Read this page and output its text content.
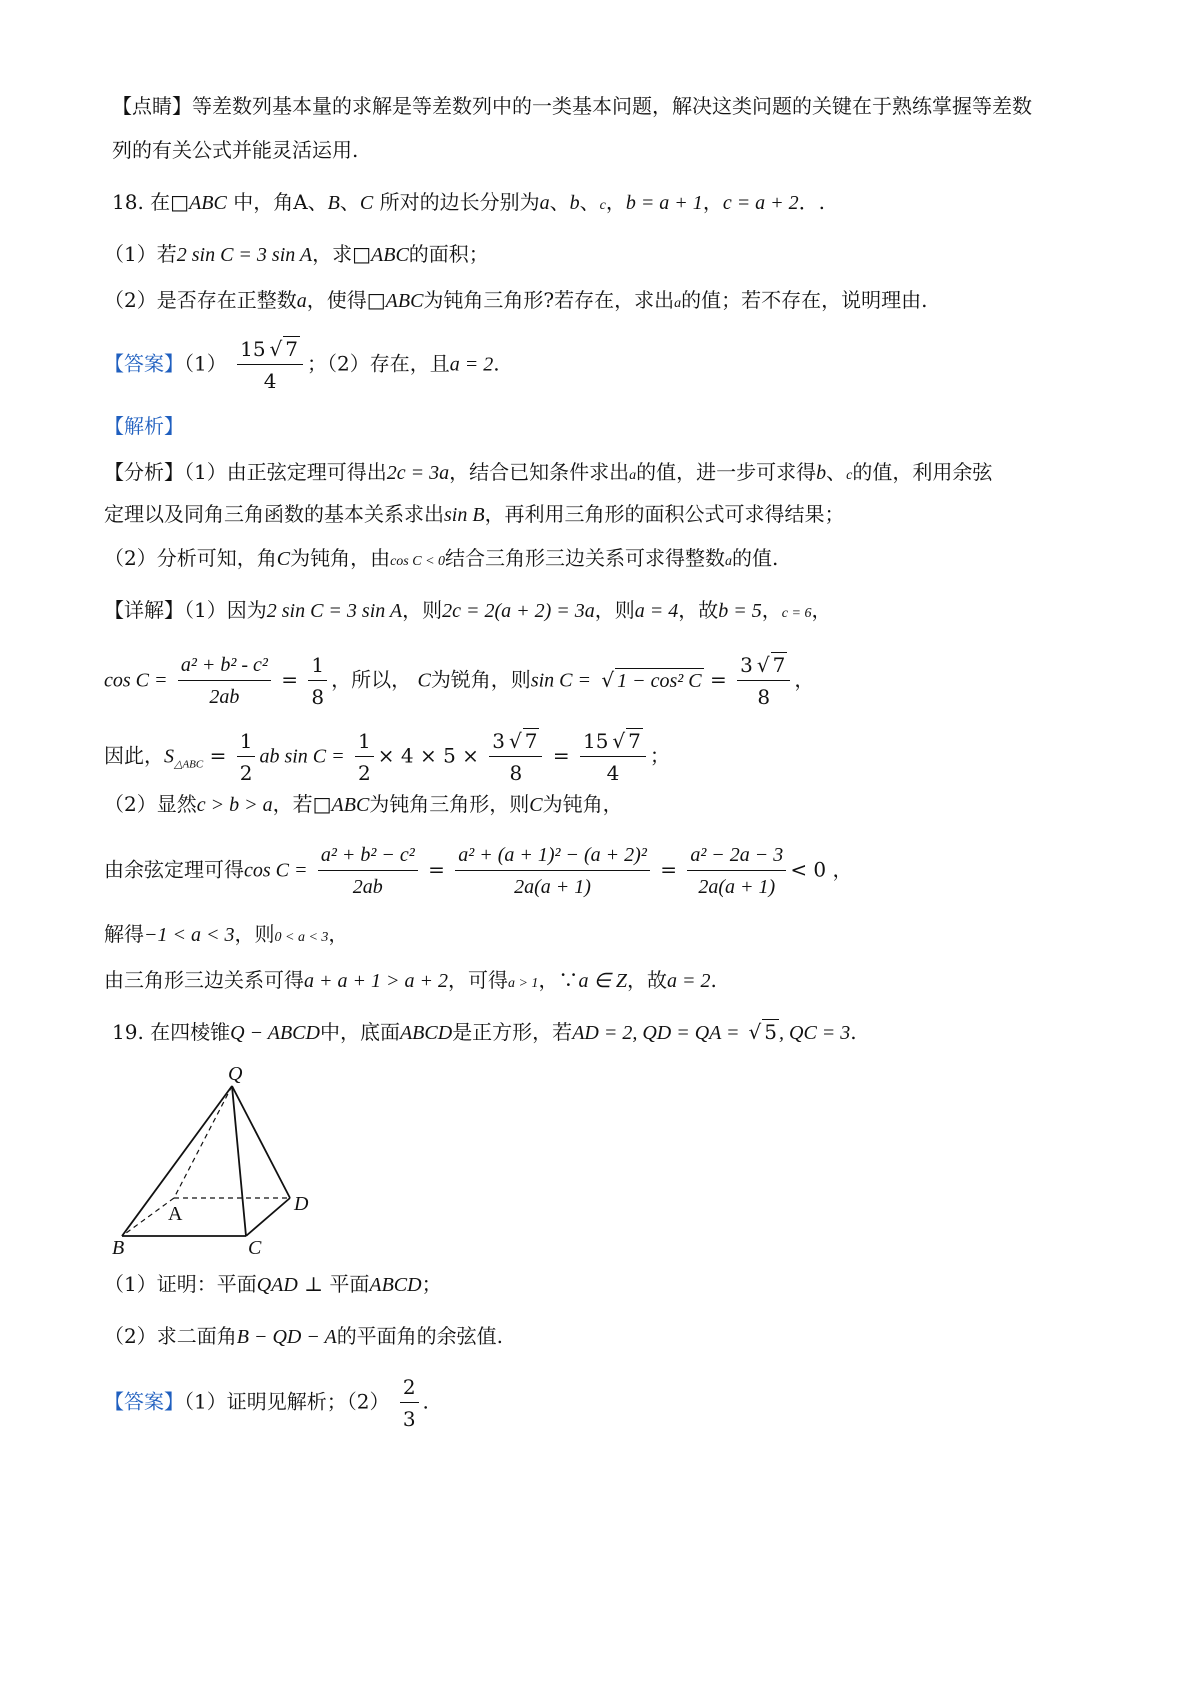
【点睛】等差数列基本量的求解是等差数列中的一类基本问题，解决这类问题的关键在于熟练掌握等差数
列的有关公式并能灵活运用.
18. 在□ABC 中，角A、B、C 所对的边长分别为a、b、c，b = a + 1，c = a + 2．.
（1）若2 sin C = 3 sin A，求□ABC的面积；
（2）是否存在正整数a，使得□ABC为钝角三角形?若存在，求出a的值；若不存在，说明理由.
【答案】$(1) \frac{15 √ 7}{4}$ ；（2）存在，且a = 2.
【解析】
【分析】（1）由正弦定理可得出2c = 3a，结合已知条件求出a的值，进一步可求得b、c的值，利用余弦
定理以及同角三角函数的基本关系求出sin B，再利用三角形的面积公式可求得结果；
（2）分析可知，角C为钝角，由cos C < 0结合三角形三边关系可求得整数a的值.
【详解】（1）因为2 sin C = 3 sin A，则2c = 2(a + 2) = 3a，则a = 4，故b = 5，c = 6，
$\cos C = \frac{\text{a² + b² - c²}}{2ab} = \frac{1}{8}$ ，所以， C为锐角，则sin C = √ 1 − cos² $C = \frac{3 √ 7}{8}$ ，
因此，$S_{\triangle ABC} = \frac{1}{2}$ ab $\sin C = \frac{1}{2} \times 4 \times 5 \times \frac{3 √ 7}{8} = \frac{15 √ 7}{4}$ ；
（2）显然c > b > a，若□ABC为钝角三角形，则C为钝角，
由余弦定理可得$\cos C = \frac{\text{a² + b² − c²}}{2ab} = \frac{\text{a² + (a + 1)² − (a + 2)²}}{2a(a + 1)} = \frac{\text{a² − 2a − 3}}{2a(a + 1)} < 0$ ，
解得−1 < a < 3，则0 < a < 3，
由三角形三边关系可得a + a + 1 > a + 2，可得a > 1，∵a ∈ Z，故a = 2.
19. 在四棱锥Q − ABCD中，底面ABCD是正方形，若AD = 2, QD = QA = √ 5 , QC = 3.
Q
A
B	C
D
（1）证明：平面QAD ⊥ 平面ABCD；
（2）求二面角B − QD − A的平面角的余弦值.
【答案】（1）证明见解析；$(2) \frac{2}{3}$ .
